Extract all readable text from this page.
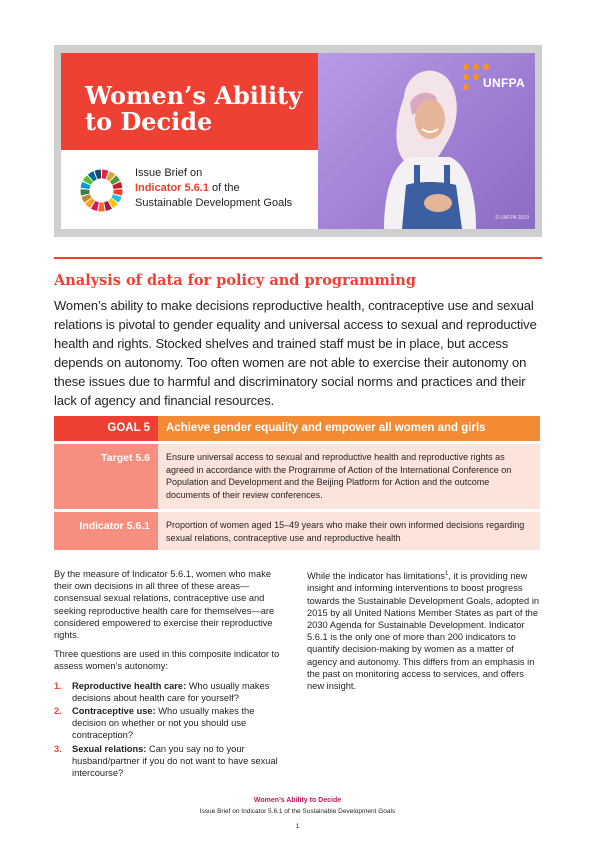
Women’s Ability to Decide
Issue Brief on
Indicator 5.6.1 of the
Sustainable Development Goals
UNFPA
© UNFPA 2019
Analysis of data for policy and programming
Women’s ability to make decisions reproductive health, contraceptive use and sexual relations is pivotal to gender equality and universal access to sexual and reproductive health and rights. Stocked shelves and trained staff must be in place, but access depends on autonomy. Too often women are not able to exercise their autonomy on these issues due to harmful and discriminatory social norms and practices and their lack of agency and financial resources.
GOAL 5	Achieve gender equality and empower all women and girls
Target 5.6	Ensure universal access to sexual and reproductive health and reproductive rights as agreed in accordance with the Programme of Action of the International Conference on Population and Development and the Beijing Platform for Action and the outcome documents of their review conferences.
Indicator 5.6.1	Proportion of women aged 15–49 years who make their own informed decisions regarding sexual relations, contraceptive use and reproductive health

By the measure of Indicator 5.6.1, women who make their own decisions in all three of these areas—consensual sexual relations, contraceptive use and seeking reproductive health care for themselves—are considered empowered to exercise their reproductive rights.

Three questions are used in this composite indicator to assess women’s autonomy:

1.	Reproductive health care: Who usually makes decisions about health care for yourself?
2.	Contraceptive use: Who usually makes the decision on whether or not you should use contraception?
3.	Sexual relations: Can you say no to your husband/partner if you do not want to have sexual intercourse?

While the indicator has limitations$^1$, it is providing new insight and informing interventions to boost progress towards the Sustainable Development Goals, adopted in 2015 by all United Nations Member States as part of the 2030 Agenda for Sustainable Development. Indicator 5.6.1 is the only one of more than 200 indicators to quantify decision-making by women as a matter of agency and autonomy. This differs from an emphasis in the past on monitoring access to services, and offers new insight.

Women’s Ability to Decide
Issue Brief on Indicator 5.6.1 of the Sustainable Development Goals
1
